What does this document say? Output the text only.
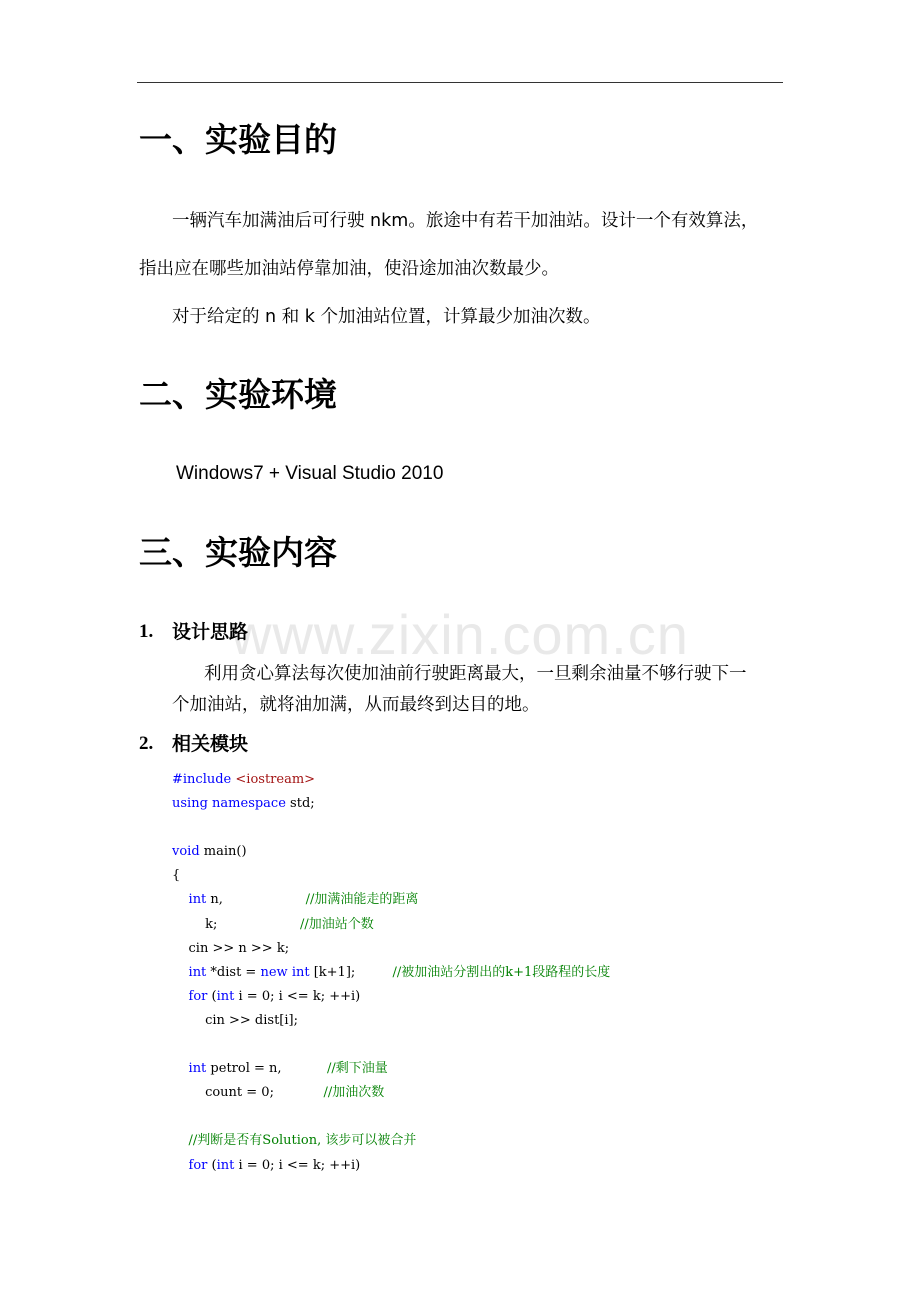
www.zixin.com.cn
一、实验目的
一辆汽车加满油后可行驶 nkm。旅途中有若干加油站。设计一个有效算法，
指出应在哪些加油站停靠加油，使沿途加油次数最少。
对于给定的 n 和 k 个加油站位置，计算最少加油次数。
二、实验环境
Windows7 + Visual Studio 2010
三、实验内容
1. 设计思路
利用贪心算法每次使加油前行驶距离最大，一旦剩余油量不够行驶下一
个加油站，就将油加满，从而最终到达目的地。
2. 相关模块
#include <iostream>
using namespace std;

void main()
{
int n,                    //加满油能走的距离
k;                    //加油站个数
cin >> n >> k;
int *dist = new int [k+1];         //被加油站分割出的k+1段路程的长度
for (int i = 0; i <= k; ++i)
cin >> dist[i];

int petrol = n,           //剩下油量
count = 0;            //加油次数

//判断是否有Solution, 该步可以被合并
for (int i = 0; i <= k; ++i)
